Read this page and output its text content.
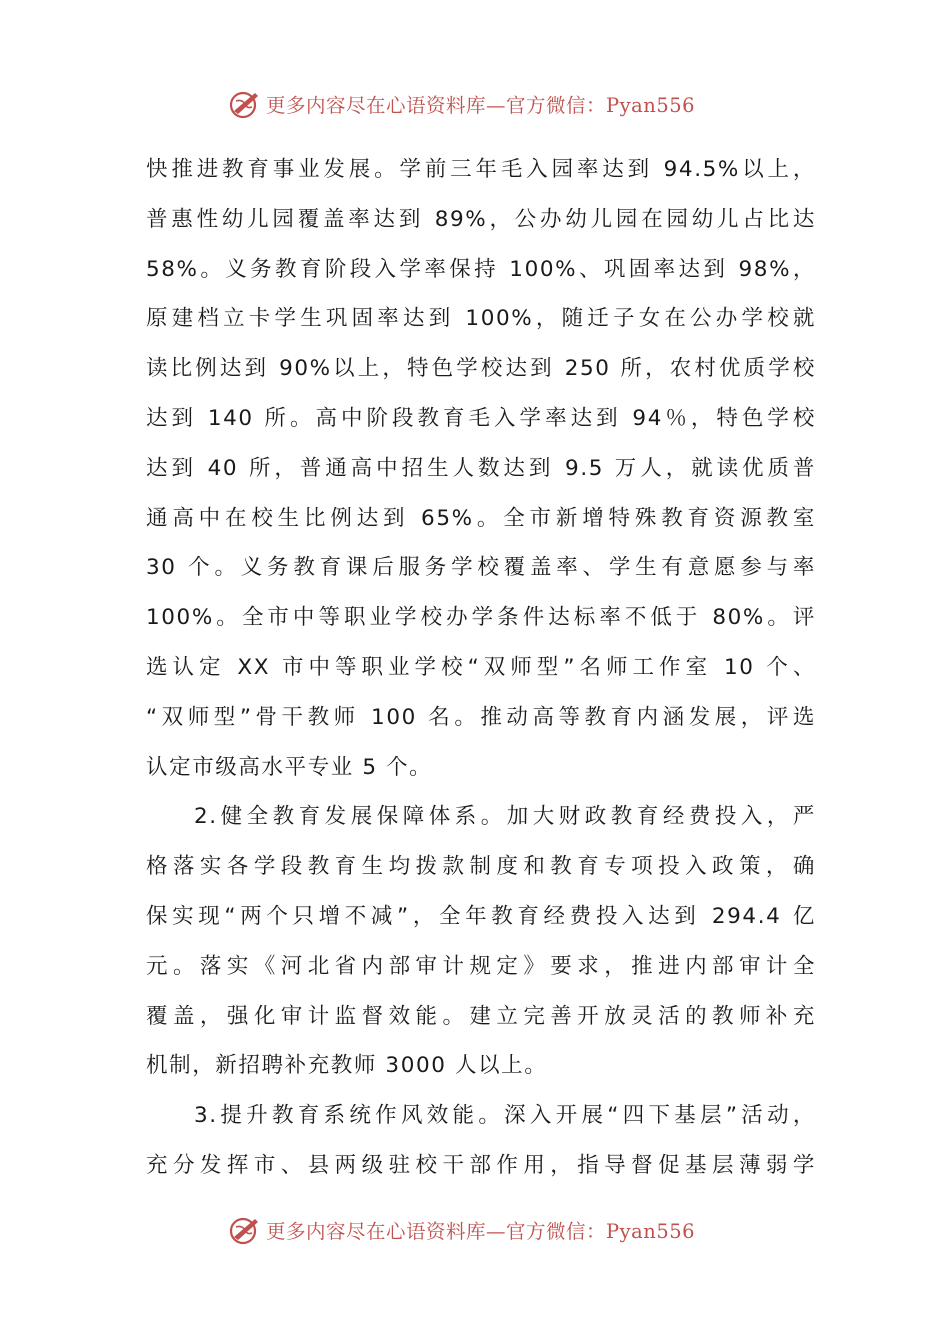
更多内容尽在心语资料库—官方微信：Pyan556
快推进教育事业发展。学前三年毛入园率达到 94.5%以上，
普惠性幼儿园覆盖率达到 89%，公办幼儿园在园幼儿占比达
58%。义务教育阶段入学率保持 100%、巩固率达到 98%，
原建档立卡学生巩固率达到 100%，随迁子女在公办学校就
读比例达到 90%以上，特色学校达到 250 所，农村优质学校
达到 140 所。高中阶段教育毛入学率达到 94％，特色学校
达到 40 所，普通高中招生人数达到 9.5 万人，就读优质普
通高中在校生比例达到 65%。全市新增特殊教育资源教室
30 个。义务教育课后服务学校覆盖率、学生有意愿参与率
100%。全市中等职业学校办学条件达标率不低于 80%。评
选认定 XX 市中等职业学校“双师型”名师工作室 10 个、
“双师型”骨干教师 100 名。推动高等教育内涵发展，评选
认定市级高水平专业 5 个。
2.健全教育发展保障体系。加大财政教育经费投入，严
格落实各学段教育生均拨款制度和教育专项投入政策，确
保实现“两个只增不减”，全年教育经费投入达到 294.4 亿
元。落实《河北省内部审计规定》要求，推进内部审计全
覆盖，强化审计监督效能。建立完善开放灵活的教师补充
机制，新招聘补充教师 3000 人以上。
3.提升教育系统作风效能。深入开展“四下基层”活动，
充分发挥市、县两级驻校干部作用，指导督促基层薄弱学
更多内容尽在心语资料库—官方微信：Pyan556
